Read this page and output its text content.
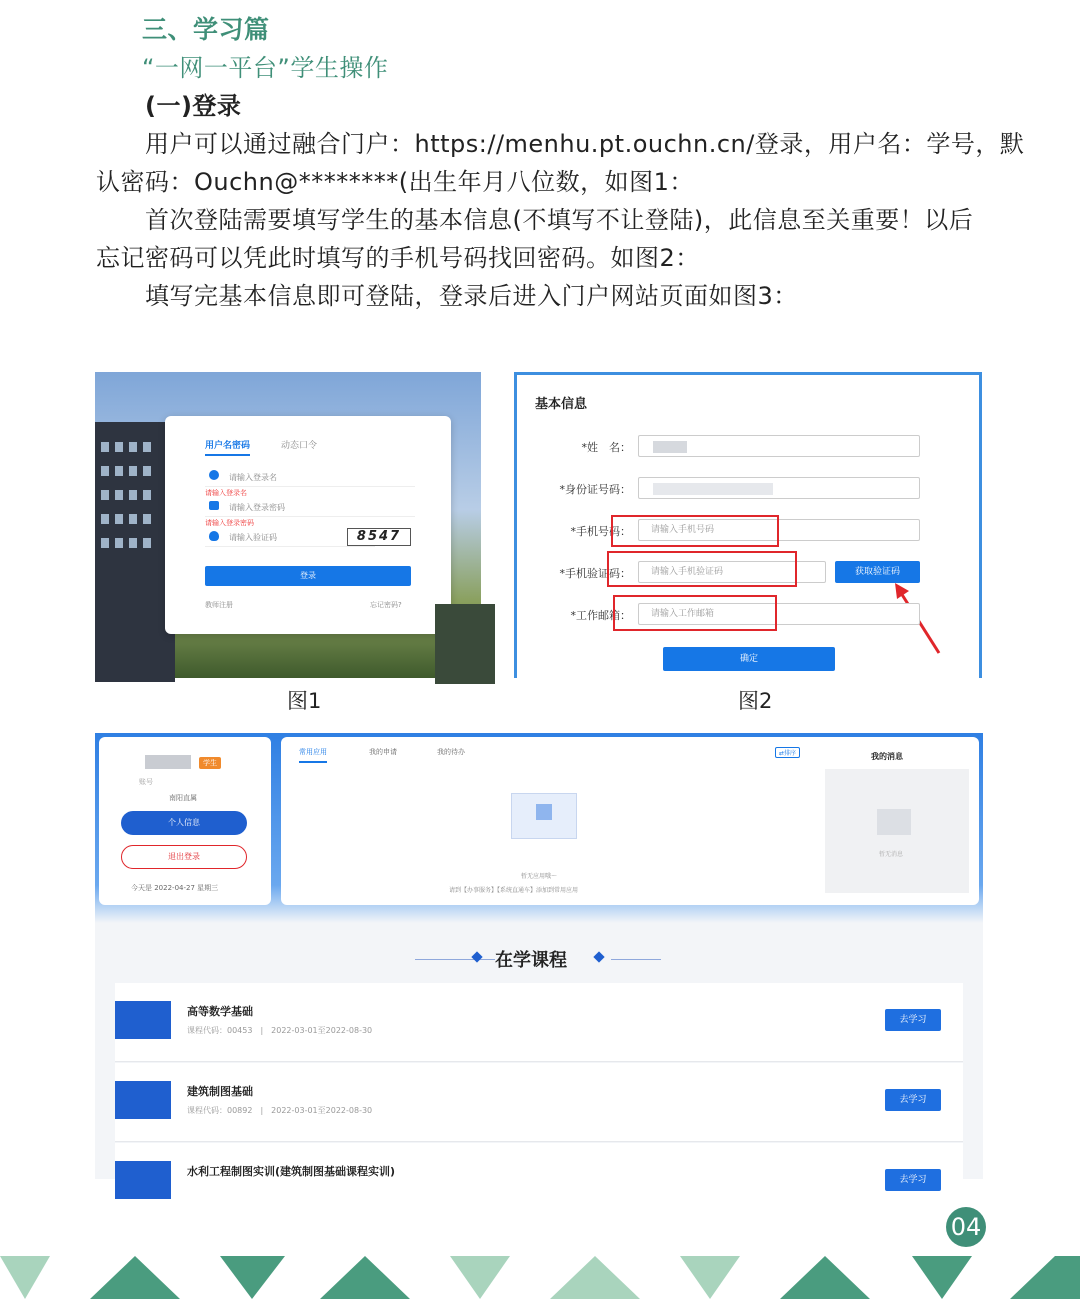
三、学习篇
“一网一平台”学生操作
(一)登录
用户可以通过融合门户：https://menhu.pt.ouchn.cn/登录，用户名：学号，默
认密码：Ouchn@********(出生年月八位数，如图1：
首次登陆需要填写学生的基本信息(不填写不让登陆)，此信息至关重要！以后
忘记密码可以凭此时填写的手机号码找回密码。如图2：
填写完基本信息即可登陆，登录后进入门户网站页面如图3：
用户名密码	动态口令
请输入登录名
请输入登录名
请输入登录密码
请输入登录密码
请输入验证码	8547
登录
教师注册	忘记密码?
图1
基本信息
*姓　名：
*身份证号码：
*手机号码：	请输入手机号码
*手机验证码：	请输入手机验证码	获取验证码
*工作邮箱：	请输入工作邮箱
确定
图2
学生
账号
南阳直属
个人信息
退出登录
今天是 2022-04-27 星期三
常用应用	我的申请	我的待办	⇄排序
暂无应用哦～
请到【办事服务】【系统直通车】添加到常用应用
我的消息
暂无消息
在学课程
高等数学基础
课程代码：00453　|　2022-03-01至2022-08-30
去学习
建筑制图基础
课程代码：00892　|　2022-03-01至2022-08-30
去学习
水利工程制图实训(建筑制图基础课程实训)
去学习
04
